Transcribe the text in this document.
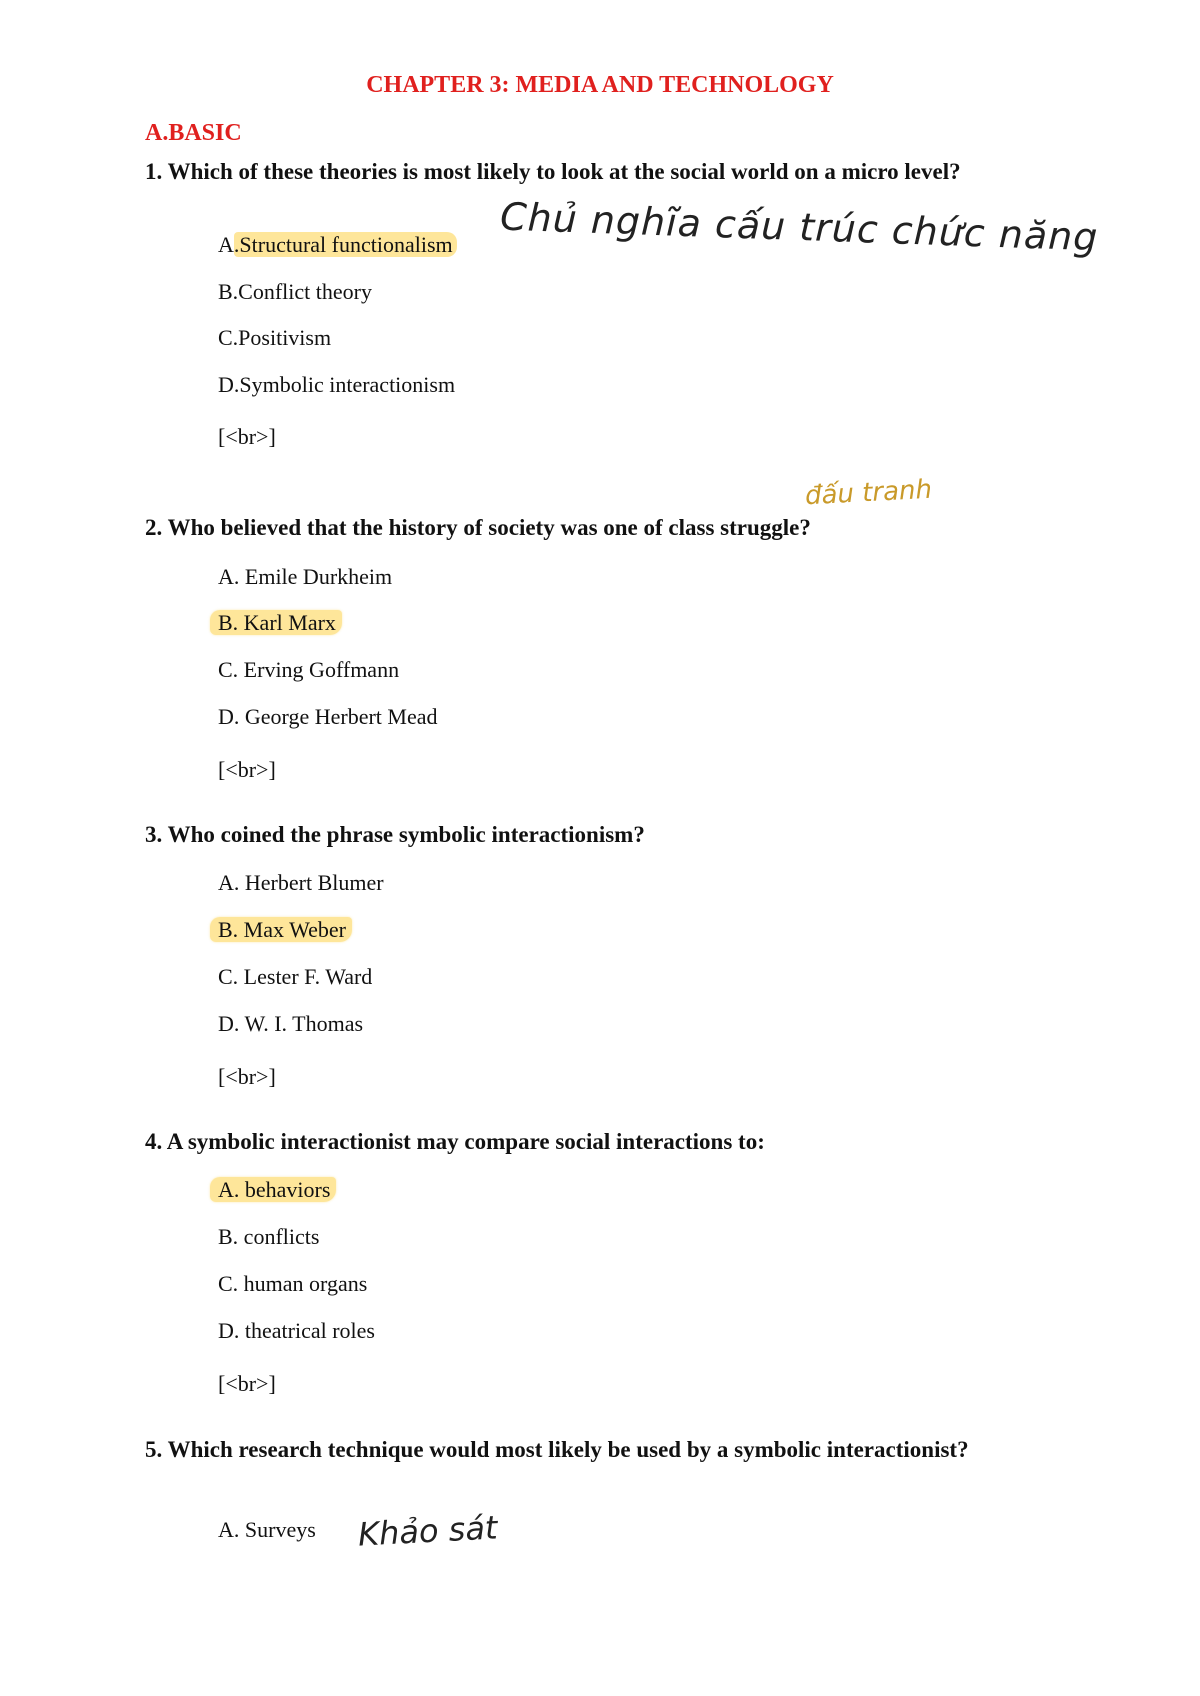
CHAPTER 3: MEDIA AND TECHNOLOGY
A.BASIC

1. Which of these theories is most likely to look at the social world on a micro level?

A.Structural functionalism

B.Conflict theory

C.Positivism

D.Symbolic interactionism

[<br>]

Chủ nghĩa cấu trúc chức năng

đấu tranh

2. Who believed that the history of society was one of class struggle?

A. Emile Durkheim

B. Karl Marx

C. Erving Goffmann

D. George Herbert Mead

[<br>]

3. Who coined the phrase symbolic interactionism?

A. Herbert Blumer

B. Max Weber

C. Lester F. Ward

D. W. I. Thomas

[<br>]

4. A symbolic interactionist may compare social interactions to:

A. behaviors

B. conflicts

C. human organs

D. theatrical roles

[<br>]

5. Which research technique would most likely be used by a symbolic interactionist?

A. Surveys Khảo sát
